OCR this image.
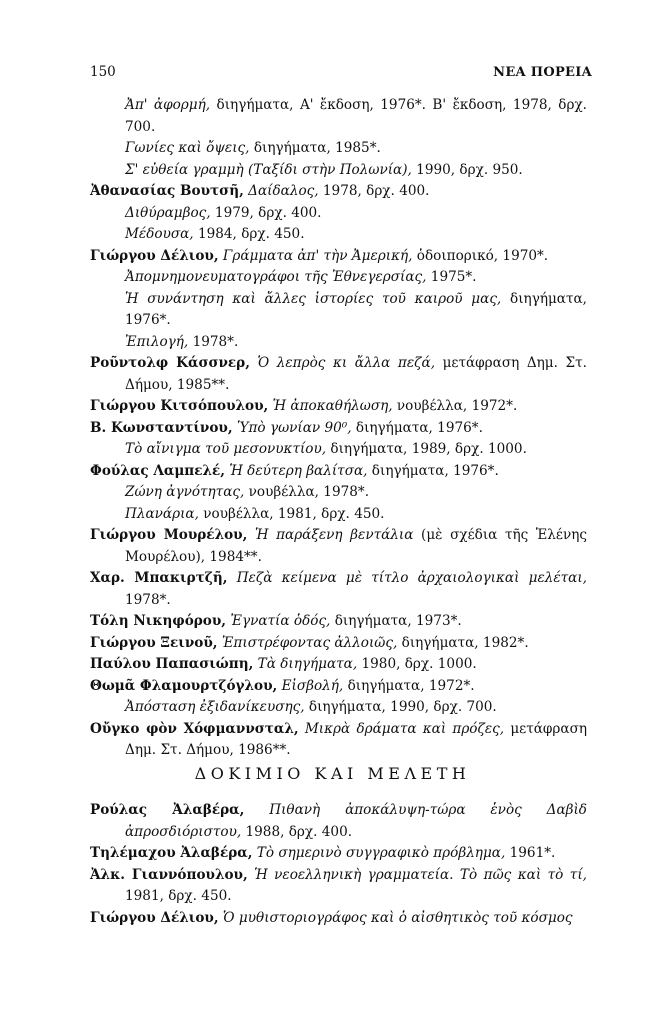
150	ΝΕΑ ΠΟΡΕΙΑ

Ἀπ' ἀφορμή, διηγήματα, Α' ἔκδοση, 1976*. Β' ἔκδοση, 1978, δρχ. 700.

Γωνίες καὶ ὄψεις, διηγήματα, 1985*.

Σ' εὐθεία γραμμὴ (Ταξίδι στὴν Πολωνία), 1990, δρχ. 950.

Ἀθανασίας Βουτσῆ, Δαίδαλος, 1978, δρχ. 400.

Διθύραμβος, 1979, δρχ. 400.

Μέδουσα, 1984, δρχ. 450.

Γιώργου Δέλιου, Γράμματα ἀπ' τὴν Ἀμερική, ὁδοιπορικό, 1970*.

Ἀπομνημονευματογράφοι τῆς Ἐθνεγερσίας, 1975*.

Ἡ συνάντηση καὶ ἄλλες ἱστορίες τοῦ καιροῦ μας, διηγήματα, 1976*.

Ἐπιλογή, 1978*.

Ροῦντολφ Κάσσνερ, Ὁ λεπρὸς κι ἄλλα πεζά, μετάφραση Δημ. Στ. Δήμου, 1985**.

Γιώργου Κιτσόπουλου, Ἡ ἀποκαθήλωση, νουβέλλα, 1972*.

Β. Κωνσταντίνου, Ὑπὸ γωνίαν 90⁰, διηγήματα, 1976*.

Τὸ αἴνιγμα τοῦ μεσονυκτίου, διηγήματα, 1989, δρχ. 1000.

Φούλας Λαμπελέ, Ἡ δεύτερη βαλίτσα, διηγήματα, 1976*.

Ζώνη ἀγνότητας, νουβέλλα, 1978*.

Πλανάρια, νουβέλλα, 1981, δρχ. 450.

Γιώργου Μουρέλου, Ἡ παράξενη βεντάλια (μὲ σχέδια τῆς Ἑλένης Μουρέλου), 1984**.

Χαρ. Μπακιρτζῆ, Πεζὰ κείμενα μὲ τίτλο ἀρχαιολογικαὶ μελέται, 1978*.

Τόλη Νικηφόρου, Ἐγνατία ὁδός, διηγήματα, 1973*.

Γιώργου Ξεινοῦ, Ἐπιστρέφοντας ἀλλοιῶς, διηγήματα, 1982*.

Παύλου Παπασιώπη, Τὰ διηγήματα, 1980, δρχ. 1000.

Θωμᾶ Φλαμουρτζόγλου, Εἰσβολή, διηγήματα, 1972*.

Ἀπόσταση ἐξιδανίκευσης, διηγήματα, 1990, δρχ. 700.

Οὔγκο φὸν Χόφμαννσταλ, Μικρὰ δράματα καὶ πρόζες, μετάφραση Δημ. Στ. Δήμου, 1986**.

ΔΟΚΙΜΙΟ ΚΑΙ ΜΕΛΕΤΗ

Ρούλας Ἀλαβέρα, Πιθανὴ ἀποκάλυψη-τώρα ἑνὸς Δαβὶδ ἀπροσδιόριστου, 1988, δρχ. 400.

Τηλέμαχου Ἀλαβέρα, Τὸ σημερινὸ συγγραφικὸ πρόβλημα, 1961*.

Ἀλκ. Γιαννόπουλου, Ἡ νεοελληνικὴ γραμματεία. Τὸ πῶς καὶ τὸ τί, 1981, δρχ. 450.

Γιώργου Δέλιου, Ὁ μυθιστοριογράφος καὶ ὁ αἰσθητικὸς τοῦ κόσμος
